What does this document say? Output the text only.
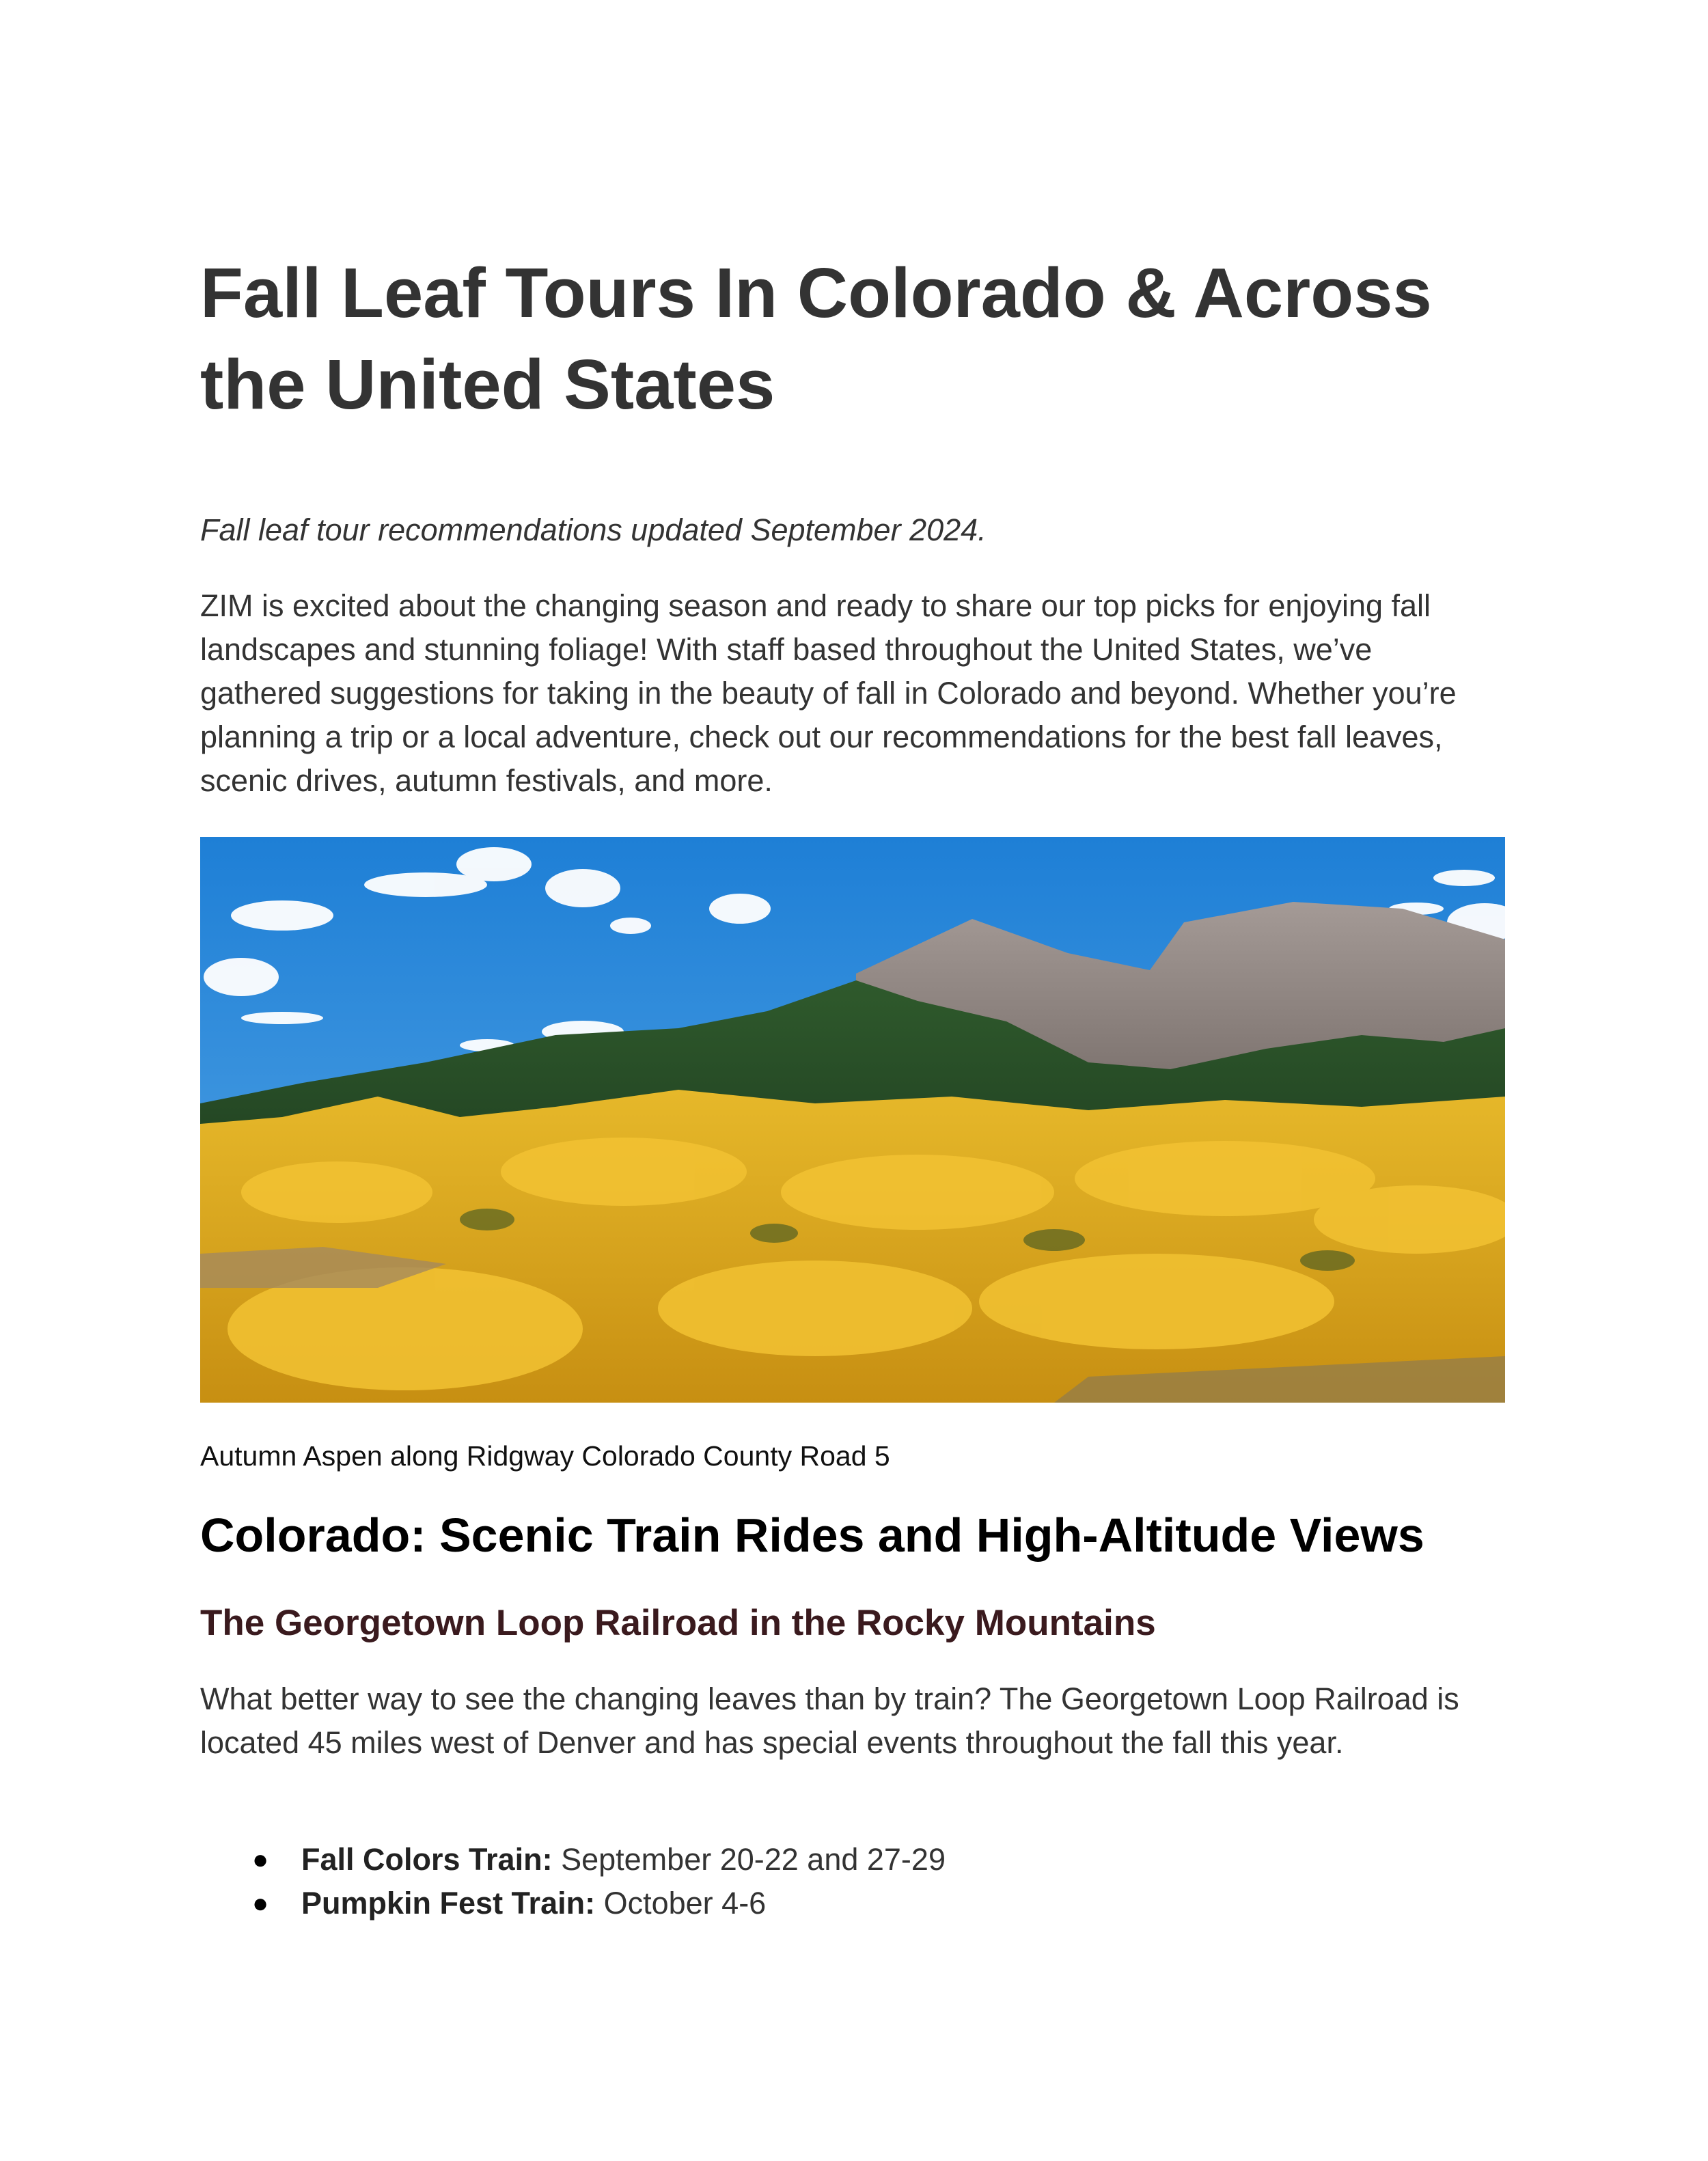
Fall Leaf Tours In Colorado & Across the United States

Fall leaf tour recommendations updated September 2024.

ZIM is excited about the changing season and ready to share our top picks for enjoying fall landscapes and stunning foliage! With staff based throughout the United States, we’ve gathered suggestions for taking in the beauty of fall in Colorado and beyond. Whether you’re planning a trip or a local adventure, check out our recommendations for the best fall leaves, scenic drives, autumn festivals, and more.

Autumn Aspen along Ridgway Colorado County Road 5

Colorado: Scenic Train Rides and High-Altitude Views
The Georgetown Loop Railroad in the Rocky Mountains

What better way to see the changing leaves than by train? The Georgetown Loop Railroad is located 45 miles west of Denver and has special events throughout the fall this year.

● Fall Colors Train: September 20-22 and 27-29
● Pumpkin Fest Train: October 4-6
